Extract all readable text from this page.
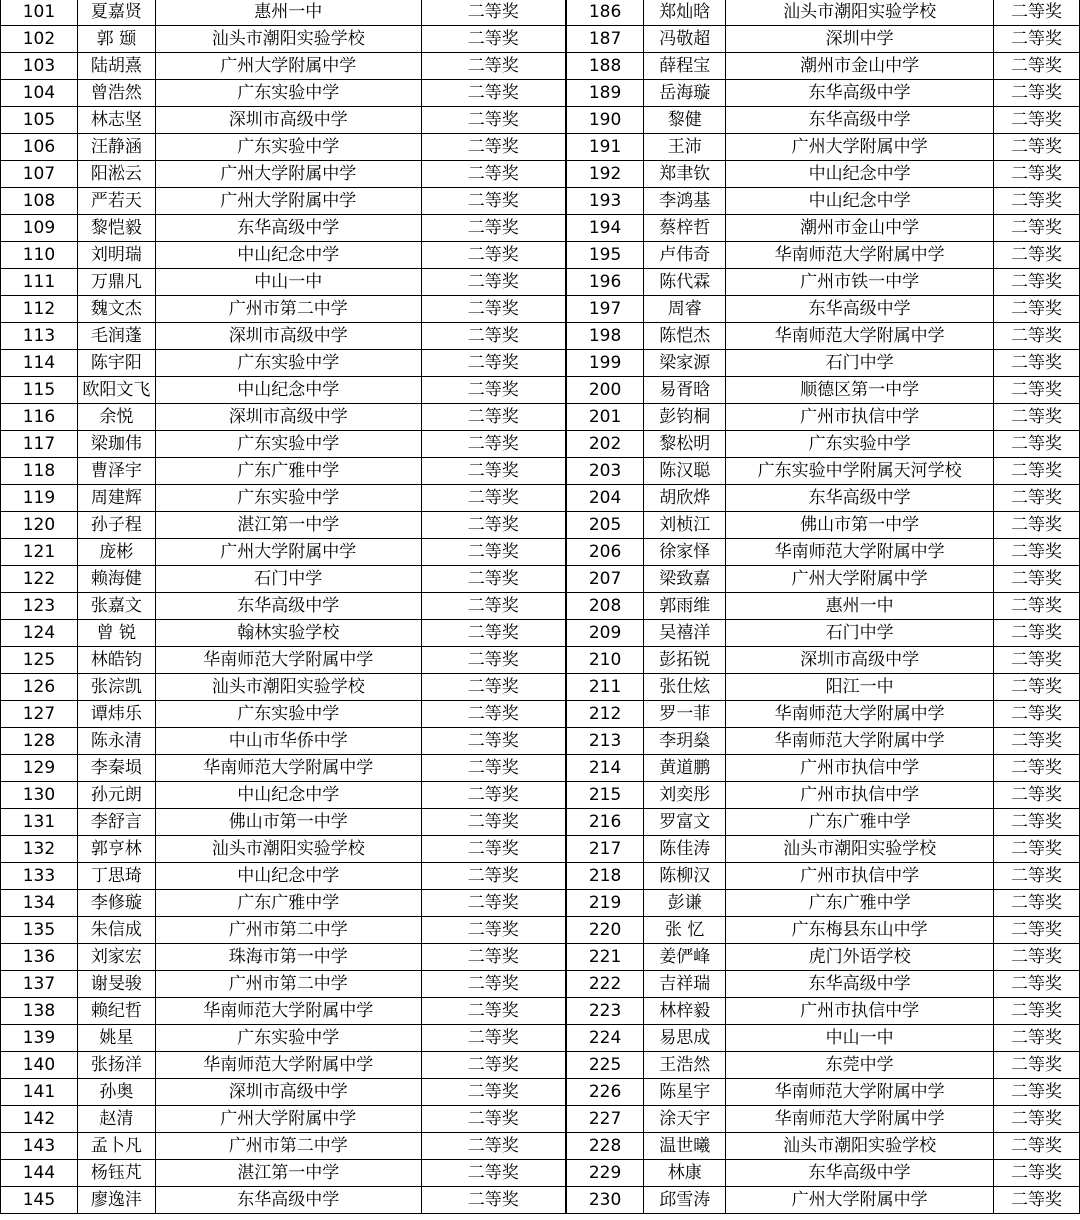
101	夏嘉贤	惠州一中	二等奖	186	郑灿晗	汕头市潮阳实验学校	二等奖
102	郭 颋	汕头市潮阳实验学校	二等奖	187	冯敬超	深圳中学	二等奖
103	陆胡熹	广州大学附属中学	二等奖	188	薛程宝	潮州市金山中学	二等奖
104	曾浩然	广东实验中学	二等奖	189	岳海璇	东华高级中学	二等奖
105	林志坚	深圳市高级中学	二等奖	190	黎健	东华高级中学	二等奖
106	汪静涵	广东实验中学	二等奖	191	王沛	广州大学附属中学	二等奖
107	阳淞云	广州大学附属中学	二等奖	192	郑聿钦	中山纪念中学	二等奖
108	严若天	广州大学附属中学	二等奖	193	李鸿基	中山纪念中学	二等奖
109	黎恺毅	东华高级中学	二等奖	194	蔡梓哲	潮州市金山中学	二等奖
110	刘明瑞	中山纪念中学	二等奖	195	卢伟奇	华南师范大学附属中学	二等奖
111	万鼎凡	中山一中	二等奖	196	陈代霖	广州市铁一中学	二等奖
112	魏文杰	广州市第二中学	二等奖	197	周睿	东华高级中学	二等奖
113	毛润蓬	深圳市高级中学	二等奖	198	陈恺杰	华南师范大学附属中学	二等奖
114	陈宇阳	广东实验中学	二等奖	199	梁家源	石门中学	二等奖
115	欧阳文飞	中山纪念中学	二等奖	200	易胥晗	顺德区第一中学	二等奖
116	余悦	深圳市高级中学	二等奖	201	彭钧桐	广州市执信中学	二等奖
117	梁珈伟	广东实验中学	二等奖	202	黎松明	广东实验中学	二等奖
118	曹泽宇	广东广雅中学	二等奖	203	陈汉聪	广东实验中学附属天河学校	二等奖
119	周建辉	广东实验中学	二等奖	204	胡欣烨	东华高级中学	二等奖
120	孙子程	湛江第一中学	二等奖	205	刘桢江	佛山市第一中学	二等奖
121	庞彬	广州大学附属中学	二等奖	206	徐家怿	华南师范大学附属中学	二等奖
122	赖海健	石门中学	二等奖	207	梁致嘉	广州大学附属中学	二等奖
123	张嘉文	东华高级中学	二等奖	208	郭雨维	惠州一中	二等奖
124	曾 锐	翰林实验学校	二等奖	209	吴禧洋	石门中学	二等奖
125	林皓钧	华南师范大学附属中学	二等奖	210	彭拓锐	深圳市高级中学	二等奖
126	张淙凯	汕头市潮阳实验学校	二等奖	211	张仕炫	阳江一中	二等奖
127	谭炜乐	广东实验中学	二等奖	212	罗一菲	华南师范大学附属中学	二等奖
128	陈永清	中山市华侨中学	二等奖	213	李玥燊	华南师范大学附属中学	二等奖
129	李秦埙	华南师范大学附属中学	二等奖	214	黄道鹏	广州市执信中学	二等奖
130	孙元朗	中山纪念中学	二等奖	215	刘奕彤	广州市执信中学	二等奖
131	李舒言	佛山市第一中学	二等奖	216	罗富文	广东广雅中学	二等奖
132	郭亨林	汕头市潮阳实验学校	二等奖	217	陈佳涛	汕头市潮阳实验学校	二等奖
133	丁思琦	中山纪念中学	二等奖	218	陈柳汉	广州市执信中学	二等奖
134	李修璇	广东广雅中学	二等奖	219	彭谦	广东广雅中学	二等奖
135	朱信成	广州市第二中学	二等奖	220	张 忆	广东梅县东山中学	二等奖
136	刘家宏	珠海市第一中学	二等奖	221	姜俨峰	虎门外语学校	二等奖
137	谢旻骏	广州市第二中学	二等奖	222	吉祥瑞	东华高级中学	二等奖
138	赖纪哲	华南师范大学附属中学	二等奖	223	林梓毅	广州市执信中学	二等奖
139	姚星	广东实验中学	二等奖	224	易思成	中山一中	二等奖
140	张扬洋	华南师范大学附属中学	二等奖	225	王浩然	东莞中学	二等奖
141	孙奥	深圳市高级中学	二等奖	226	陈星宇	华南师范大学附属中学	二等奖
142	赵清	广州大学附属中学	二等奖	227	涂天宇	华南师范大学附属中学	二等奖
143	孟卜凡	广州市第二中学	二等奖	228	温世曦	汕头市潮阳实验学校	二等奖
144	杨钰芃	湛江第一中学	二等奖	229	林康	东华高级中学	二等奖
145	廖逸沣	东华高级中学	二等奖	230	邱雪涛	广州大学附属中学	二等奖
